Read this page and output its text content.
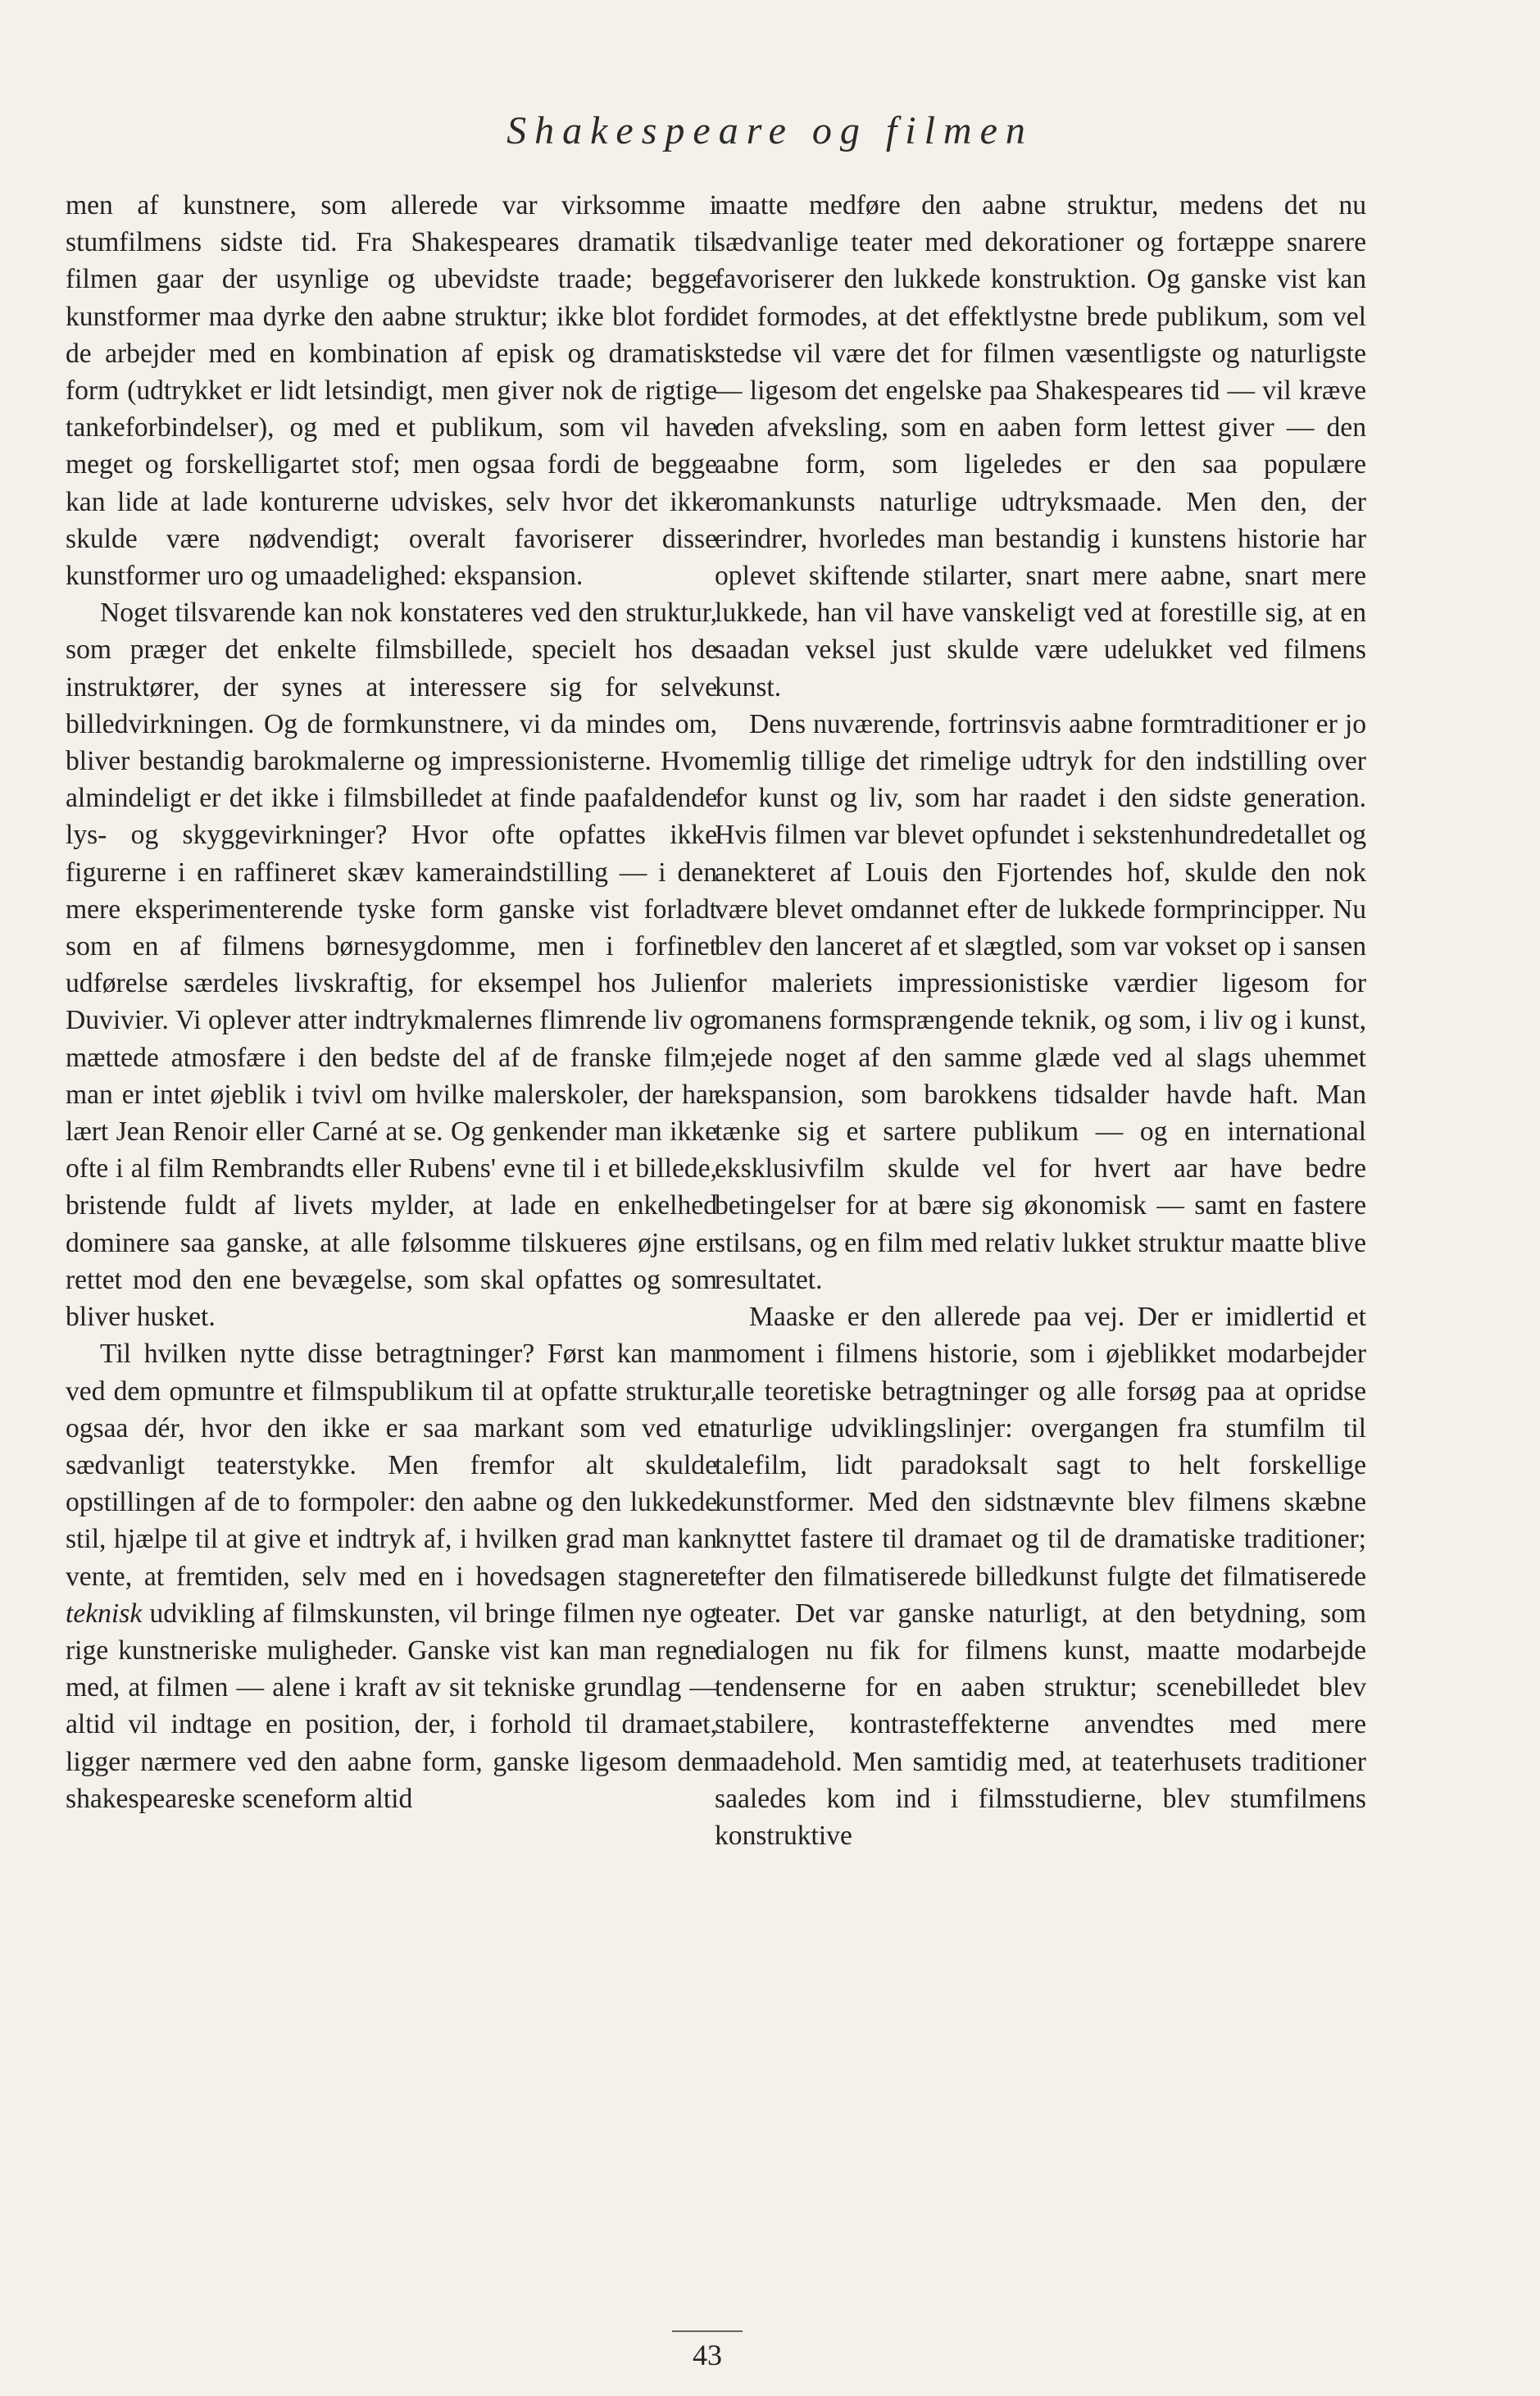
Shakespeare og filmen

men af kunstnere, som allerede var virksomme i stumfilmens sidste tid. Fra Shakespeares dramatik til filmen gaar der usynlige og ubevidste traade; begge kunstformer maa dyrke den aabne struktur; ikke blot fordi de arbejder med en kombination af episk og dramatisk form (udtrykket er lidt letsindigt, men giver nok de rigtige tankeforbindelser), og med et publikum, som vil have meget og forskelligartet stof; men ogsaa fordi de begge kan lide at lade konturerne udviskes, selv hvor det ikke skulde være nødvendigt; overalt favoriserer disse kunstformer uro og umaadelighed: ekspansion.

Noget tilsvarende kan nok konstateres ved den struktur, som præger det enkelte filmsbillede, specielt hos de instruktører, der synes at interessere sig for selve billedvirkningen. Og de formkunstnere, vi da mindes om, bliver bestandig barokmalerne og impressionisterne. Hvor almindeligt er det ikke i filmsbilledet at finde paafaldende lys- og skyggevirkninger? Hvor ofte opfattes ikke figurerne i en raffineret skæv kameraindstilling — i den mere eksperimenterende tyske form ganske vist forladt som en af filmens børnesygdomme, men i forfinet udførelse særdeles livskraftig, for eksempel hos Julien Duvivier. Vi oplever atter indtrykmalernes flimrende liv og mættede atmosfære i den bedste del af de franske film; man er intet øjeblik i tvivl om hvilke malerskoler, der har lært Jean Renoir eller Carné at se. Og genkender man ikke ofte i al film Rembrandts eller Rubens' evne til i et billede, bristende fuldt af livets mylder, at lade en enkelhed dominere saa ganske, at alle følsomme tilskueres øjne er rettet mod den ene bevægelse, som skal opfattes og som bliver husket.

Til hvilken nytte disse betragtninger? Først kan man ved dem opmuntre et filmspublikum til at opfatte struktur, ogsaa dér, hvor den ikke er saa markant som ved et sædvanligt teaterstykke. Men fremfor alt skulde opstillingen af de to formpoler: den aabne og den lukkede stil, hjælpe til at give et indtryk af, i hvilken grad man kan vente, at fremtiden, selv med en i hovedsagen stagneret teknisk udvikling af filmskunsten, vil bringe filmen nye og rige kunstneriske muligheder. Ganske vist kan man regne med, at filmen — alene i kraft av sit tekniske grundlag — altid vil indtage en position, der, i forhold til dramaet, ligger nærmere ved den aabne form, ganske ligesom den shakespeareske sceneform altid

maatte medføre den aabne struktur, medens det nu sædvanlige teater med dekorationer og fortæppe snarere favoriserer den lukkede konstruktion. Og ganske vist kan det formodes, at det effektlystne brede publikum, som vel stedse vil være det for filmen væsentligste og naturligste — ligesom det engelske paa Shakespeares tid — vil kræve den afveksling, som en aaben form lettest giver — den aabne form, som ligeledes er den saa populære romankunsts naturlige udtryksmaade. Men den, der erindrer, hvorledes man bestandig i kunstens historie har oplevet skiftende stilarter, snart mere aabne, snart mere lukkede, han vil have vanskeligt ved at forestille sig, at en saadan veksel just skulde være udelukket ved filmens kunst.

Dens nuværende, fortrinsvis aabne formtraditioner er jo nemlig tillige det rimelige udtryk for den indstilling over for kunst og liv, som har raadet i den sidste generation. Hvis filmen var blevet opfundet i sekstenhundredetallet og anekteret af Louis den Fjortendes hof, skulde den nok være blevet omdannet efter de lukkede formprincipper. Nu blev den lanceret af et slægtled, som var vokset op i sansen for maleriets impressionistiske værdier ligesom for romanens formsprængende teknik, og som, i liv og i kunst, ejede noget af den samme glæde ved al slags uhemmet ekspansion, som barokkens tidsalder havde haft. Man tænke sig et sartere publikum — og en international eksklusivfilm skulde vel for hvert aar have bedre betingelser for at bære sig økonomisk — samt en fastere stilsans, og en film med relativ lukket struktur maatte blive resultatet.

Maaske er den allerede paa vej. Der er imidlertid et moment i filmens historie, som i øjeblikket modarbejder alle teoretiske betragtninger og alle forsøg paa at opridse naturlige udviklingslinjer: overgangen fra stumfilm til talefilm, lidt paradoksalt sagt to helt forskellige kunstformer. Med den sidstnævnte blev filmens skæbne knyttet fastere til dramaet og til de dramatiske traditioner; efter den filmatiserede billedkunst fulgte det filmatiserede teater. Det var ganske naturligt, at den betydning, som dialogen nu fik for filmens kunst, maatte modarbejde tendenserne for en aaben struktur; scenebilledet blev stabilere, kontrasteffekterne anvendtes med mere maadehold. Men samtidig med, at teaterhusets traditioner saaledes kom ind i filmsstudierne, blev stumfilmens konstruktive

43
